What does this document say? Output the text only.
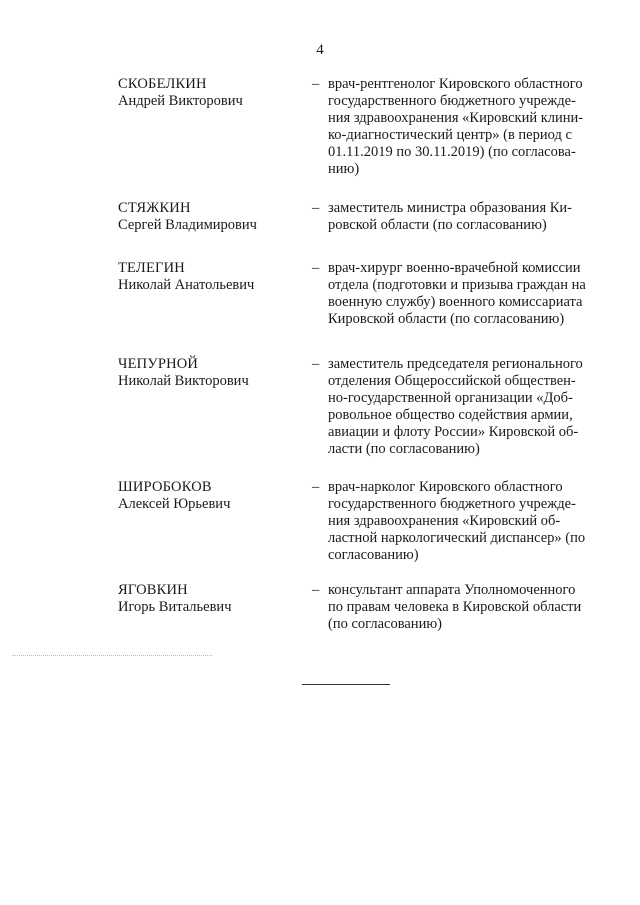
4
СКОБЕЛКИН
Андрей Викторович
– врач-рентгенолог Кировского областного
государственного бюджетного учрежде-
ния здравоохранения «Кировский клини-
ко-диагностический центр» (в период с
01.11.2019 по 30.11.2019) (по согласова-
нию)
СТЯЖКИН
Сергей Владимирович
– заместитель министра образования Ки-
ровской области (по согласованию)
ТЕЛЕГИН
Николай Анатольевич
– врач-хирург военно-врачебной комиссии
отдела (подготовки и призыва граждан на
военную службу) военного комиссариата
Кировской области (по согласованию)
ЧЕПУРНОЙ
Николай Викторович
– заместитель председателя регионального
отделения Общероссийской обществен-
но-государственной организации «Доб-
ровольное общество содействия армии,
авиации и флоту России» Кировской об-
ласти (по согласованию)
ШИРОБОКОВ
Алексей Юрьевич
– врач-нарколог Кировского областного
государственного бюджетного учрежде-
ния здравоохранения «Кировский об-
ластной наркологический диспансер» (по
согласованию)
ЯГОВКИН
Игорь Витальевич
– консультант аппарата Уполномоченного
по правам человека в Кировской области
(по согласованию)
